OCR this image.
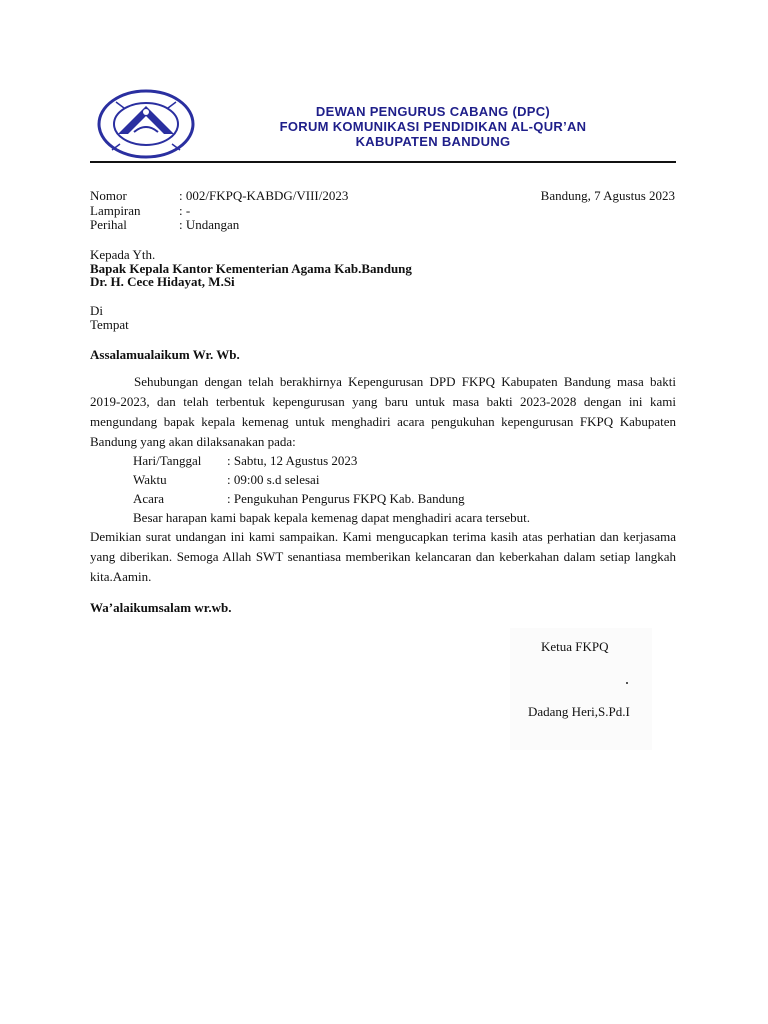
DEWAN PENGURUS CABANG (DPC)
FORUM KOMUNIKASI PENDIDIKAN AL-QUR’AN
KABUPATEN BANDUNG
Nomor	: 002/FKPQ-KABDG/VIII/2023
Lampiran	: -
Perihal	: Undangan
Bandung, 7 Agustus 2023
Kepada Yth.
Bapak Kepala Kantor Kementerian Agama Kab.Bandung
Dr. H. Cece Hidayat, M.Si
Di
Tempat
Assalamualaikum Wr. Wb.
Sehubungan dengan telah berakhirnya Kepengurusan DPD FKPQ Kabupaten Bandung masa bakti 2019-2023, dan telah terbentuk kepengurusan yang baru untuk masa bakti 2023-2028 dengan ini kami mengundang bapak kepala kemenag untuk menghadiri acara pengukuhan kepengurusan FKPQ Kabupaten Bandung yang akan dilaksanakan pada:
Hari/Tanggal : Sabtu, 12 Agustus 2023
Waktu	: 09:00 s.d selesai
Acara	: Pengukuhan Pengurus FKPQ Kab. Bandung
Besar harapan kami bapak kepala kemenag dapat menghadiri acara tersebut.
Demikian surat undangan ini kami sampaikan. Kami mengucapkan terima kasih atas perhatian dan kerjasama yang diberikan. Semoga Allah SWT senantiasa memberikan kelancaran dan keberkahan dalam setiap langkah kita.Aamin.
Wa’alaikumsalam wr.wb.
Ketua FKPQ
Dadang Heri,S.Pd.I
